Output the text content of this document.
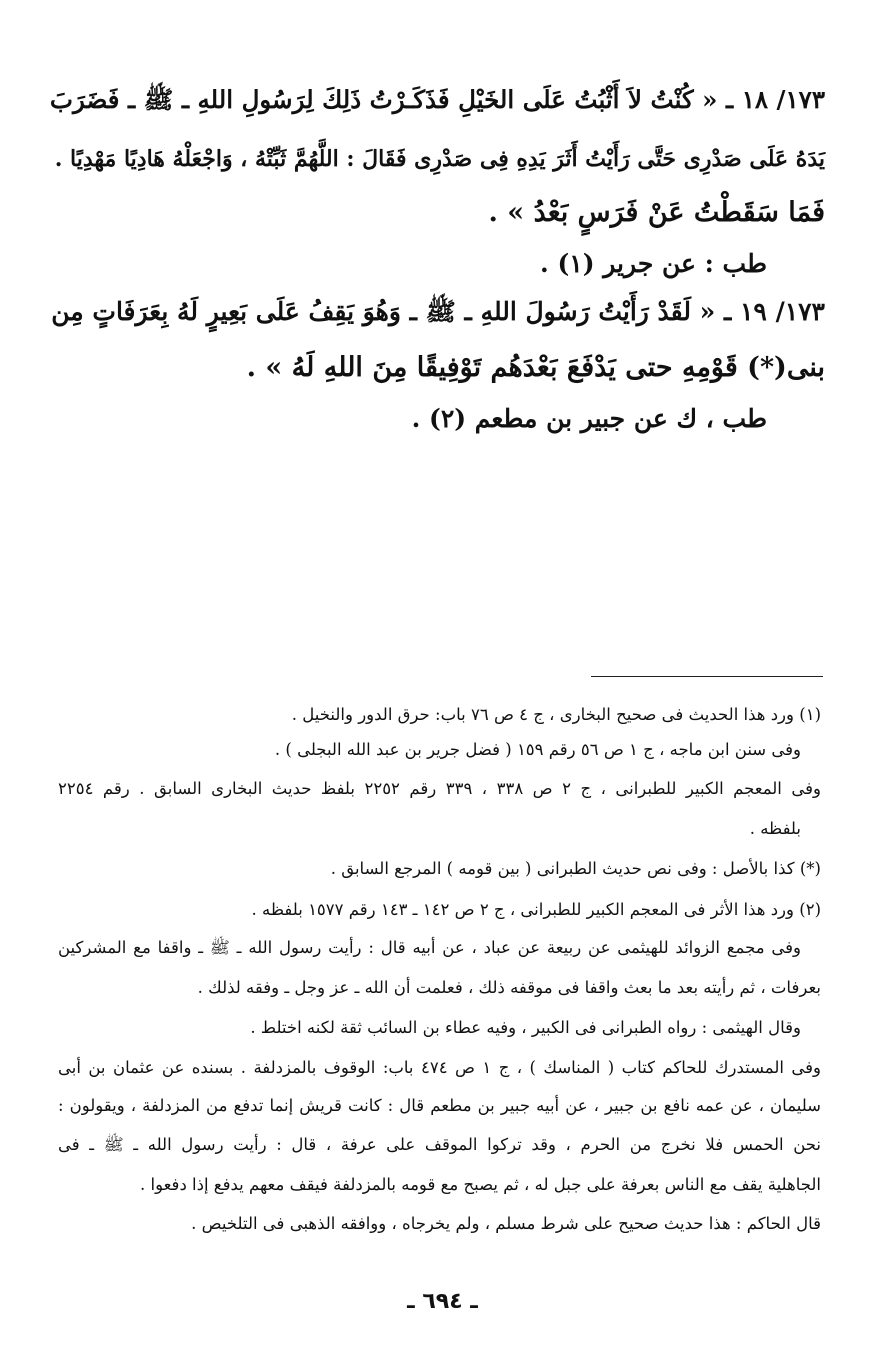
١٧٣/ ١٨ ـ « كُنْتُ لاَ أَثْبُتُ عَلَى الخَيْلِ فَذَكَـرْتُ ذَلِكَ لِرَسُولِ اللهِ ـ ﷺ ـ فَضَرَبَ

يَدَهُ عَلَى صَدْرِى حَتَّى رَأَيْتُ أَثَرَ يَدِهِ فِى صَدْرِى فَقَالَ : اللَّهُمَّ ثَبِّتْهُ ، وَاجْعَلْهُ هَادِيًا مَهْدِيًا .

فَمَا سَقَطْتُ عَنْ فَرَسٍ بَعْدُ » .

طب : عن جرير (١) .

١٧٣/ ١٩ ـ « لَقَدْ رَأَيْتُ رَسُولَ اللهِ ـ ﷺ ـ وَهُوَ يَقِفُ عَلَى بَعِيرٍ لَهُ بِعَرَفَاتٍ مِن

بنى(*) قَوْمِهِ حتى يَدْفَعَ بَعْدَهُم تَوْفِيقًا مِنَ اللهِ لَهُ » .

طب ، ك عن جبير بن مطعم (٢) .

(١) ورد هذا الحديث فى صحيح البخارى ، ج ٤ ص ٧٦ باب: حرق الدور والنخيل .

وفى سنن ابن ماجه ، ج ١ ص ٥٦ رقم ١٥٩ ( فضل جرير بن عبد الله البجلى ) .

وفى المعجم الكبير للطبرانى ، ج ٢ ص ٣٣٨ ، ٣٣٩ رقم ٢٢٥٢ بلفظ حديث البخارى السابق . رقم ٢٢٥٤

بلفظه .

(*) كذا بالأصل : وفى نص حديث الطبرانى ( بين قومه ) المرجع السابق .

(٢) ورد هذا الأثر فى المعجم الكبير للطبرانى ، ج ٢ ص ١٤٢ ـ ١٤٣ رقم ١٥٧٧ بلفظه .

وفى مجمع الزوائد للهيثمى عن ربيعة عن عباد ، عن أبيه قال : رأيت رسول الله ـ ﷺ ـ واقفا مع المشركين

بعرفات ، ثم رأيته بعد ما بعث واقفا فى موقفه ذلك ، فعلمت أن الله ـ عز وجل ـ وفقه لذلك .

وقال الهيثمى : رواه الطبرانى فى الكبير ، وفيه عطاء بن السائب ثقة لكنه اختلط .

وفى المستدرك للحاكم كتاب ( المناسك ) ، ج ١ ص ٤٧٤ باب: الوقوف بالمزدلفة . بسنده عن عثمان بن أبى

سليمان ، عن عمه نافع بن جبير ، عن أبيه جبير بن مطعم قال : كانت قريش إنما تدفع من المزدلفة ، ويقولون :

نحن الحمس فلا نخرج من الحرم ، وقد تركوا الموقف على عرفة ، قال : رأيت رسول الله ـ ﷺ ـ فى

الجاهلية يقف مع الناس بعرفة على جبل له ، ثم يصبح مع قومه بالمزدلفة فيقف معهم يدفع إذا دفعوا .

قال الحاكم : هذا حديث صحيح على شرط مسلم ، ولم يخرجاه ، ووافقه الذهبى فى التلخيص .

ـ ٦٩٤ ـ
